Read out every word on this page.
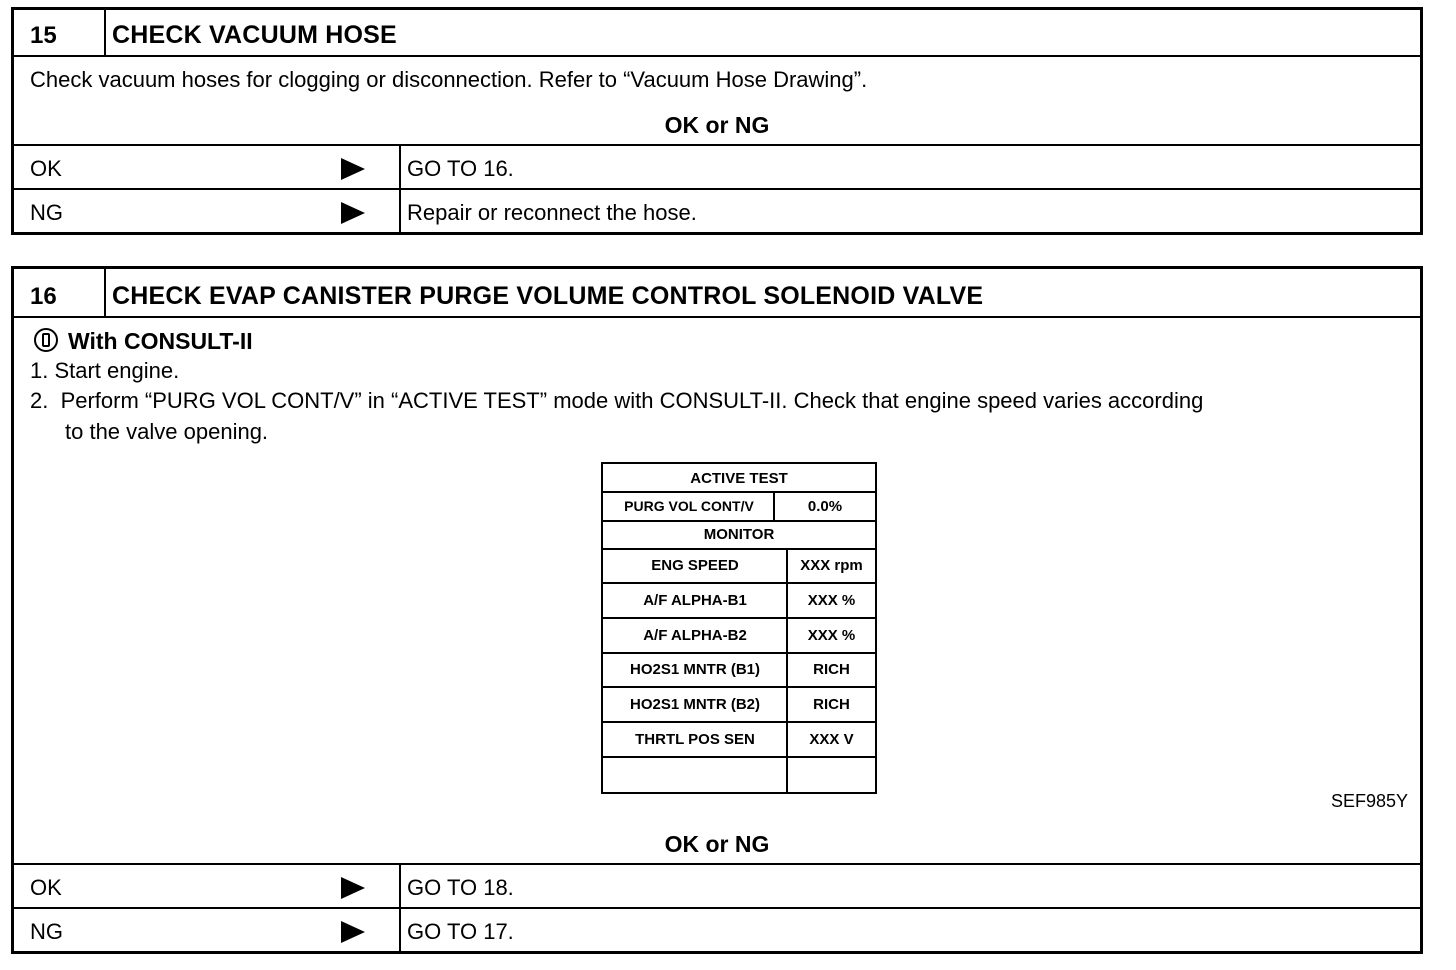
15 CHECK VACUUM HOSE
Check vacuum hoses for clogging or disconnection. Refer to “Vacuum Hose Drawing”.
OK or NG
OK	GO TO 16.
NG	Repair or reconnect the hose.
16 CHECK EVAP CANISTER PURGE VOLUME CONTROL SOLENOID VALVE
With CONSULT-II
1. Start engine.
2.  Perform “PURG VOL CONT/V” in “ACTIVE TEST” mode with CONSULT-II. Check that engine speed varies according
to the valve opening.
ACTIVE TEST
PURG VOL CONT/V	0.0%
MONITOR
ENG SPEED	XXX rpm
A/F ALPHA-B1	XXX %
A/F ALPHA-B2	XXX %
HO2S1 MNTR (B1)	RICH
HO2S1 MNTR (B2)	RICH
THRTL POS SEN	XXX V
SEF985Y
OK or NG
OK	GO TO 18.
NG	GO TO 17.
